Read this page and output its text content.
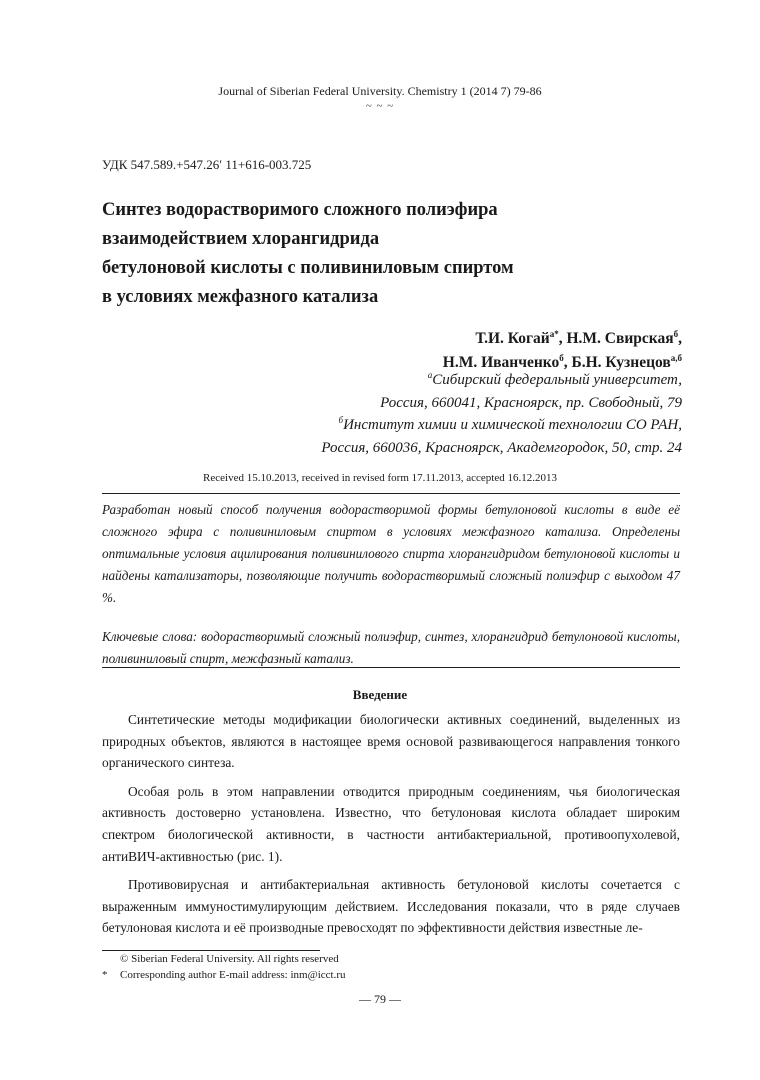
Journal of Siberian Federal University. Chemistry 1 (2014 7) 79-86
~ ~ ~
УДК 547.589.+547.26ʹ 11+616-003.725
Синтез водорастворимого сложного полиэфира
взаимодействием хлорангидрида
бетулоновой кислоты с поливиниловым спиртом
в условиях межфазного катализа
Т.И. Когай$^{а*}$, Н.М. Свирская$^б$,
Н.М. Иванченко$^б$, Б.Н. Кузнецов$^{а,б}$
$^а$Сибирский федеральный университет,
Россия, 660041, Красноярск, пр. Свободный, 79
$^б$Институт химии и химической технологии СО РАН,
Россия, 660036, Красноярск, Академгородок, 50, стр. 24
Received 15.10.2013, received in revised form 17.11.2013, accepted 16.12.2013
Разработан новый способ получения водорастворимой формы бетулоновой кислоты в виде её сложного эфира с поливиниловым спиртом в условиях межфазного катализа. Определены оптимальные условия ацилирования поливинилового спирта хлорангидридом бетулоновой кислоты и найдены катализаторы, позволяющие получить водорастворимый сложный полиэфир с выходом 47 %.
Ключевые слова: водорастворимый сложный полиэфир, синтез, хлорангидрид бетулоновой кислоты, поливиниловый спирт, межфазный катализ.
Введение

Синтетические методы модификации биологически активных соединений, выделенных из природных объектов, являются в настоящее время основой развивающегося направления тонкого органического синтеза.

Особая роль в этом направлении отводится природным соединениям, чья биологическая активность достоверно установлена. Известно, что бетулоновая кислота обладает широким спектром биологической активности, в частности антибактериальной, противоопухолевой, антиВИЧ-активностью (рис. 1).

Противовирусная и антибактериальная активность бетулоновой кислоты сочетается с выраженным иммуностимулирующим действием. Исследования показали, что в ряде случаев бетулоновая кислота и её производные превосходят по эффективности действия известные ле-

© Siberian Federal University. All rights reserved
* Corresponding author E-mail address: inm@icct.ru
— 79 —
